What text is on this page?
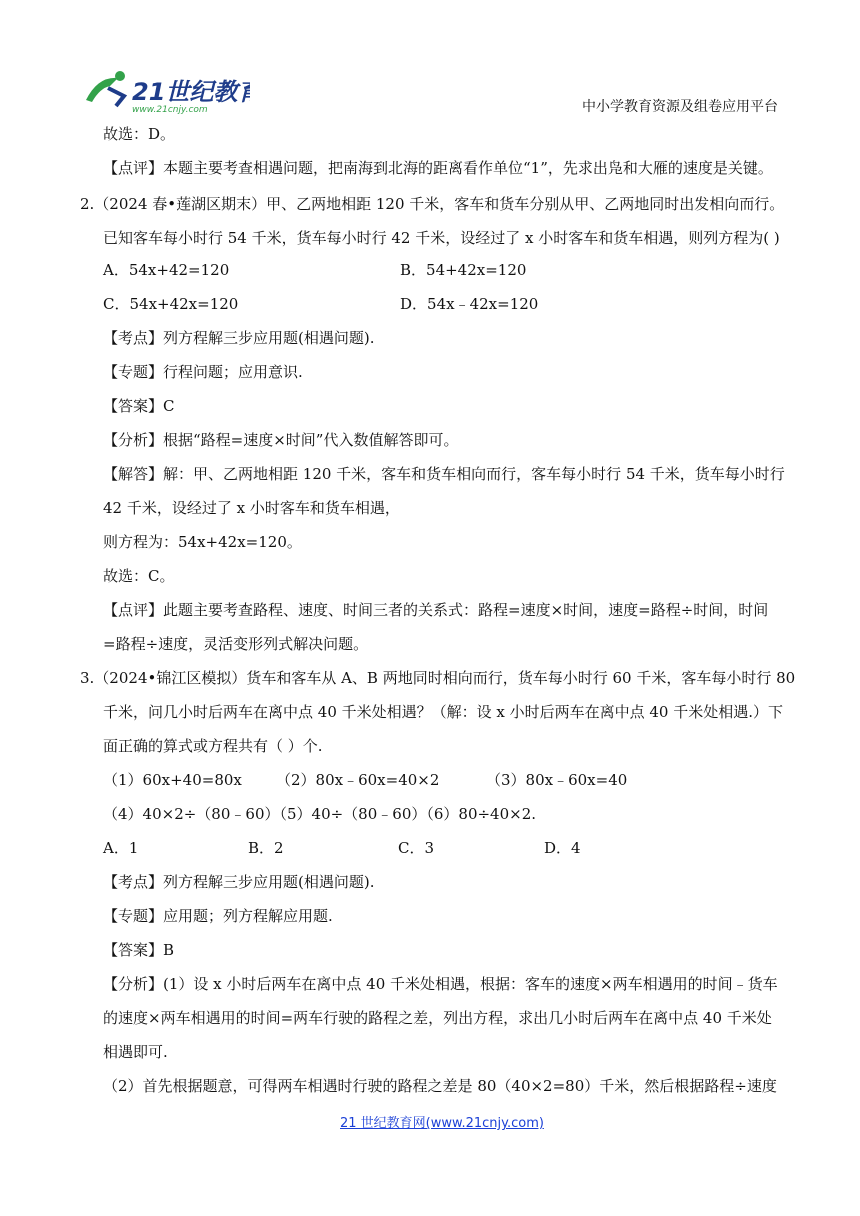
21世纪教育
www.21cnjy.com	中小学教育资源及组卷应用平台
故选：D。
【点评】本题主要考查相遇问题，把南海到北海的距离看作单位“1”，先求出凫和大雁的速度是关键。
2.（2024 春•莲湖区期末）甲、乙两地相距 120 千米，客车和货车分别从甲、乙两地同时出发相向而行。
已知客车每小时行 54 千米，货车每小时行 42 千米，设经过了 x 小时客车和货车相遇，则列方程为( )
A．54x+42=120	B．54+42x=120
C．54x+42x=120	D．54x﹣42x=120
【考点】列方程解三步应用题(相遇问题).
【专题】行程问题；应用意识.
【答案】C
【分析】根据“路程=速度×时间”代入数值解答即可。
【解答】解：甲、乙两地相距 120 千米，客车和货车相向而行，客车每小时行 54 千米，货车每小时行
42 千米，设经过了 x 小时客车和货车相遇，
则方程为：54x+42x=120。
故选：C。
【点评】此题主要考查路程、速度、时间三者的关系式：路程=速度×时间，速度=路程÷时间，时间
=路程÷速度，灵活变形列式解决问题。
3.（2024•锦江区模拟）货车和客车从 A、B 两地同时相向而行，货车每小时行 60 千米，客车每小时行 80
千米，问几小时后两车在离中点 40 千米处相遇？（解：设 x 小时后两车在离中点 40 千米处相遇.）下
面正确的算式或方程共有（ ）个.
（1）60x+40=80x （2）80x﹣60x=40×2	（3）80x﹣60x=40
（4）40×2÷（80﹣60）（5）40÷（80﹣60）（6）80÷40×2.
A．1	B．2	C．3	D．4
【考点】列方程解三步应用题(相遇问题).
【专题】应用题；列方程解应用题.
【答案】B
【分析】(1）设 x 小时后两车在离中点 40 千米处相遇，根据：客车的速度×两车相遇用的时间﹣货车
的速度×两车相遇用的时间=两车行驶的路程之差，列出方程，求出几小时后两车在离中点 40 千米处
相遇即可.
（2）首先根据题意，可得两车相遇时行驶的路程之差是 80（40×2=80）千米，然后根据路程÷速度
21 世纪教育网(www.21cnjy.com)
